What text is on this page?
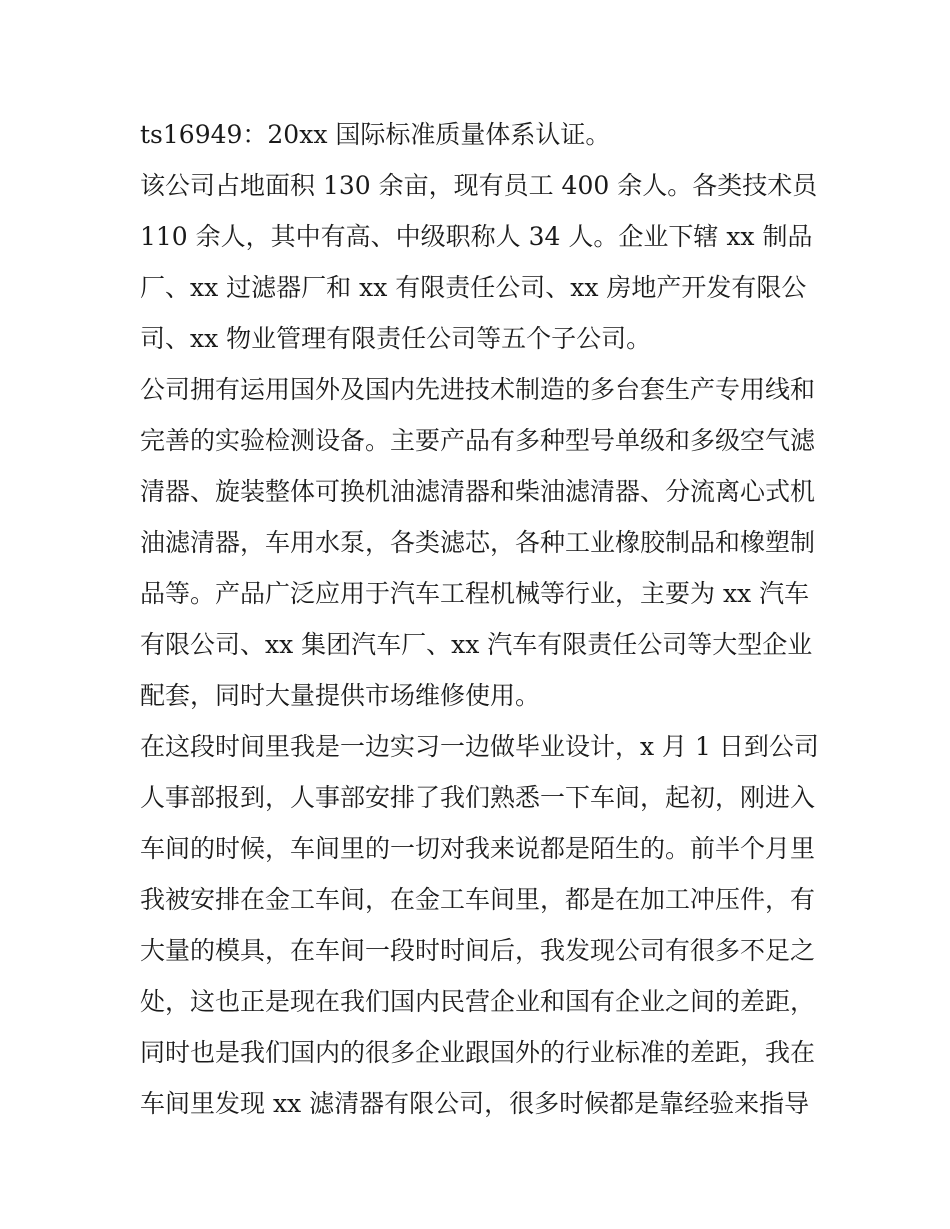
ts16949：20xx 国际标准质量体系认证。
该公司占地面积 130 余亩，现有员工 400 余人。各类技术员
110 余人，其中有高、中级职称人 34 人。企业下辖 xx 制品
厂、xx 过滤器厂和 xx 有限责任公司、xx 房地产开发有限公
司、xx 物业管理有限责任公司等五个子公司。
公司拥有运用国外及国内先进技术制造的多台套生产专用线和
完善的实验检测设备。主要产品有多种型号单级和多级空气滤
清器、旋装整体可换机油滤清器和柴油滤清器、分流离心式机
油滤清器，车用水泵，各类滤芯，各种工业橡胶制品和橡塑制
品等。产品广泛应用于汽车工程机械等行业，主要为 xx 汽车
有限公司、xx 集团汽车厂、xx 汽车有限责任公司等大型企业
配套，同时大量提供市场维修使用。
在这段时间里我是一边实习一边做毕业设计，x 月 1 日到公司
人事部报到，人事部安排了我们熟悉一下车间，起初，刚进入
车间的时候，车间里的一切对我来说都是陌生的。前半个月里
我被安排在金工车间，在金工车间里，都是在加工冲压件，有
大量的模具，在车间一段时时间后，我发现公司有很多不足之
处，这也正是现在我们国内民营企业和国有企业之间的差距，
同时也是我们国内的很多企业跟国外的行业标准的差距，我在
车间里发现 xx 滤清器有限公司，很多时候都是靠经验来指导
